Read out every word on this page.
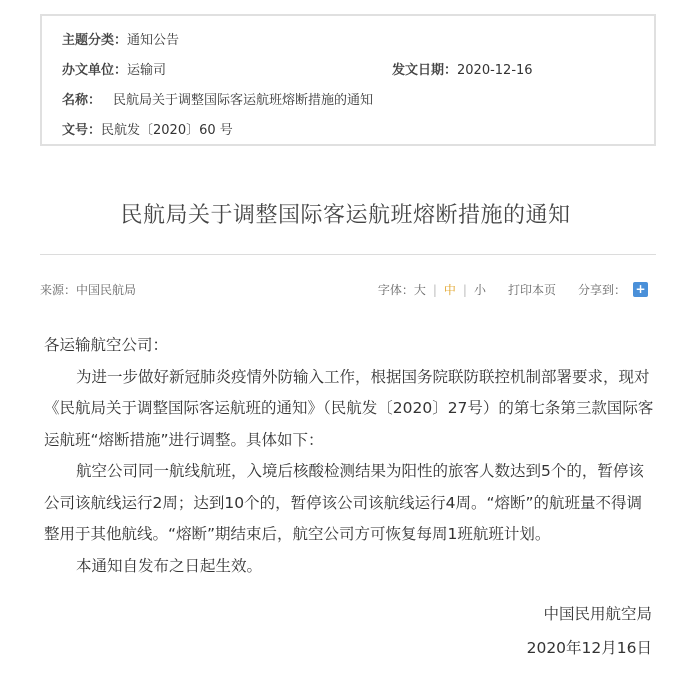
主题分类：通知公告
办文单位：运输司	发文日期：2020-12-16
名称： 民航局关于调整国际客运航班熔断措施的通知
文号：民航发〔2020〕60 号
民航局关于调整国际客运航班熔断措施的通知
来源：中国民航局	字体： 大 | 中 | 小 打印本页 分享到： +

各运输航空公司：

为进一步做好新冠肺炎疫情外防输入工作，根据国务院联防联控机制部署要求，现对《民航局关于调整国际客运航班的通知》（民航发〔2020〕27号）的第七条第三款国际客运航班“熔断措施”进行调整。具体如下：

航空公司同一航线航班，入境后核酸检测结果为阳性的旅客人数达到5个的，暂停该公司该航线运行2周；达到10个的，暂停该公司该航线运行4周。“熔断”的航班量不得调整用于其他航线。“熔断”期结束后，航空公司方可恢复每周1班航班计划。

本通知自发布之日起生效。

中国民用航空局
2020年12月16日
